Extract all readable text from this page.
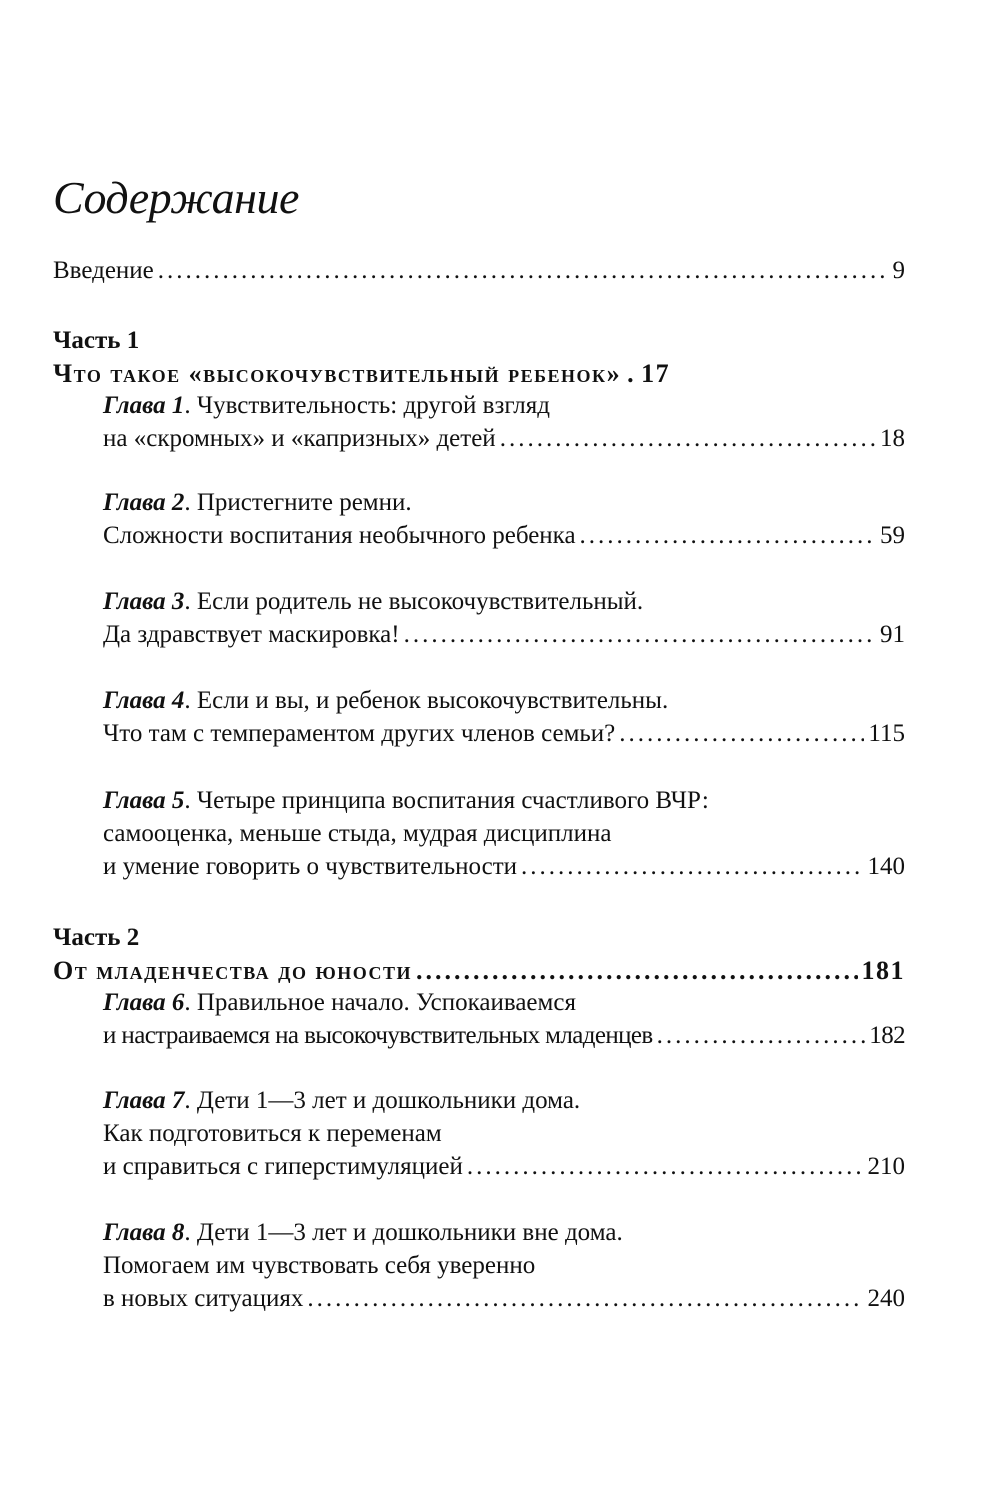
Содержание
Введение .....	9
Часть 1
Что такое «высокочувствительный ребенок» . 17
Глава 1 . Чувствительность: другой взгляд
на «скромных» и «капризных» детей .....	18
Глава 2 . Пристегните ремни.
Сложности воспитания необычного ребенка .....	59
Глава 3 . Если родитель не высокочувствительный.
Да здравствует маскировка! .....	91
Глава 4 . Если и вы, и ребенок высокочувствительны.
Что там с темпераментом других членов семьи? .....	115
Глава 5 . Четыре принципа воспитания счастливого ВЧР:
самооценка, меньше стыда, мудрая дисциплина
и умение говорить о чувствительности .....	140
Часть 2
От младенчества до юности .....	181
Глава 6 . Правильное начало. Успокаиваемся
и настраиваемся на высокочувствительных младенцев .....	182
Глава 7 . Дети 1—3 лет и дошкольники дома.
Как подготовиться к переменам
и справиться с гиперстимуляцией .....	210
Глава 8 . Дети 1—3 лет и дошкольники вне дома.
Помогаем им чувствовать себя уверенно
в новых ситуациях .....	240
